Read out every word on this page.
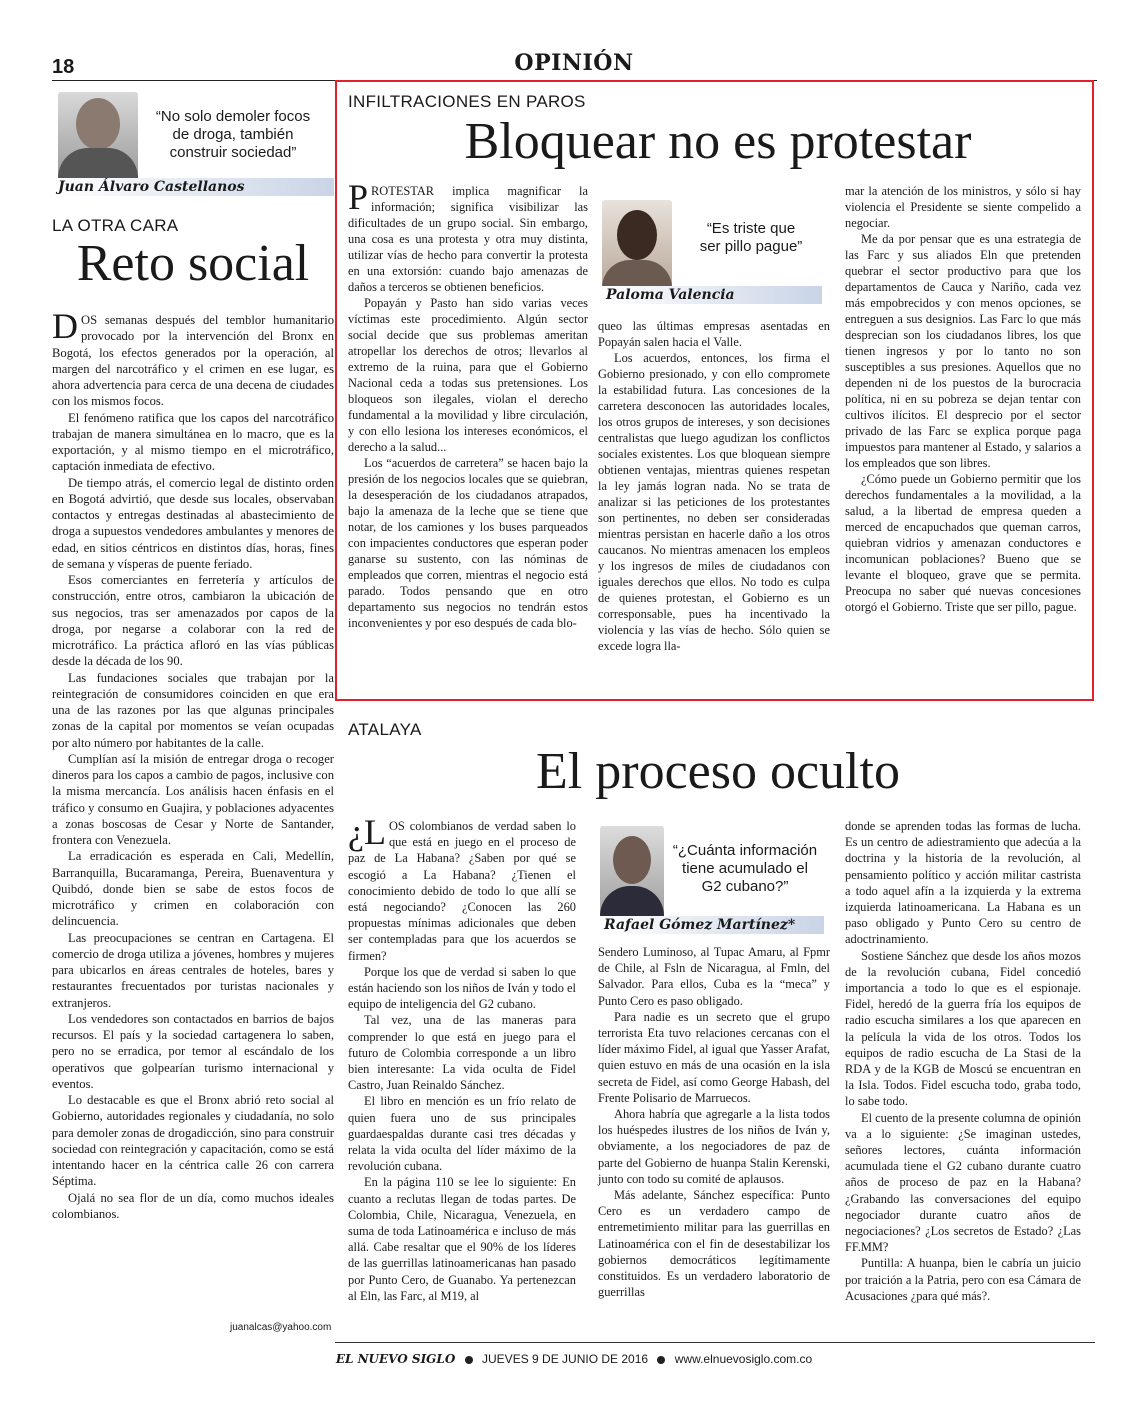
18	OPINIÓN
“No solo demoler focos de droga, también construir sociedad”
Juan Álvaro Castellanos
LA OTRA CARA
Reto social

DOS semanas después del temblor humanitario provocado por la intervención del Bronx en Bogotá, los efectos generados por la operación, al margen del narcotráfico y el crimen en ese lugar, es ahora advertencia para cerca de una decena de ciudades con los mismos focos.

El fenómeno ratifica que los capos del narcotráfico trabajan de manera simultánea en lo macro, que es la exportación, y al mismo tiempo en el microtráfico, captación inmediata de efectivo.

De tiempo atrás, el comercio legal de distinto orden en Bogotá advirtió, que desde sus locales, observaban contactos y entregas destinadas al abastecimiento de droga a supuestos vendedores ambulantes y menores de edad, en sitios céntricos en distintos días, horas, fines de semana y vísperas de puente feriado.

Esos comerciantes en ferretería y artículos de construcción, entre otros, cambiaron la ubicación de sus negocios, tras ser amenazados por capos de la droga, por negarse a colaborar con la red de microtráfico. La práctica afloró en las vías públicas desde la década de los 90.

Las fundaciones sociales que trabajan por la reintegración de consumidores coinciden en que era una de las razones por las que algunas principales zonas de la capital por momentos se veían ocupadas por alto número por habitantes de la calle.

Cumplían así la misión de entregar droga o recoger dineros para los capos a cambio de pagos, inclusive con la misma mercancía. Los análisis hacen énfasis en el tráfico y consumo en Guajira, y poblaciones adyacentes a zonas boscosas de Cesar y Norte de Santander, frontera con Venezuela.

La erradicación es esperada en Cali, Medellín, Barranquilla, Bucaramanga, Pereira, Buenaventura y Quibdó, donde bien se sabe de estos focos de microtráfico y crimen en colaboración con delincuencia.

Las preocupaciones se centran en Cartagena. El comercio de droga utiliza a jóvenes, hombres y mujeres para ubicarlos en áreas centrales de hoteles, bares y restaurantes frecuentados por turistas nacionales y extranjeros.

Los vendedores son contactados en barrios de bajos recursos. El país y la sociedad cartagenera lo saben, pero no se erradica, por temor al escándalo de los operativos que golpearían turismo internacional y eventos.

Lo destacable es que el Bronx abrió reto social al Gobierno, autoridades regionales y ciudadanía, no solo para demoler zonas de drogadicción, sino para construir sociedad con reintegración y capacitación, como se está intentando hacer en la céntrica calle 26 con carrera Séptima.

Ojalá no sea flor de un día, como muchos ideales colombianos.

juanalcas@yahoo.com
INFILTRACIONES EN PAROS
Bloquear no es protestar

PROTESTAR implica magnificar la información; significa visibilizar las dificultades de un grupo social. Sin embargo, una cosa es una protesta y otra muy distinta, utilizar vías de hecho para convertir la protesta en una extorsión: cuando bajo amenazas de daños a terceros se obtienen beneficios.

Popayán y Pasto han sido varias veces víctimas este procedimiento. Algún sector social decide que sus problemas ameritan atropellar los derechos de otros; llevarlos al extremo de la ruina, para que el Gobierno Nacional ceda a todas sus pretensiones. Los bloqueos son ilegales, violan el derecho fundamental a la movilidad y libre circulación, y con ello lesiona los intereses económicos, el derecho a la salud...

Los “acuerdos de carretera” se hacen bajo la presión de los negocios locales que se quiebran, la desesperación de los ciudadanos atrapados, bajo la amenaza de la leche que se tiene que notar, de los camiones y los buses parqueados con impacientes conductores que esperan poder ganarse su sustento, con las nóminas de empleados que corren, mientras el negocio está parado. Todos pensando que en otro departamento sus negocios no tendrán estos inconvenientes y por eso después de cada blo-

“Es triste que ser pillo pague”
Paloma Valencia

queo las últimas empresas asentadas en Popayán salen hacia el Valle.

Los acuerdos, entonces, los firma el Gobierno presionado, y con ello compromete la estabilidad futura. Las concesiones de la carretera desconocen las autoridades locales, los otros grupos de intereses, y son decisiones centralistas que luego agudizan los conflictos sociales existentes. Los que bloquean siempre obtienen ventajas, mientras quienes respetan la ley jamás logran nada. No se trata de analizar si las peticiones de los protestantes son pertinentes, no deben ser consideradas mientras persistan en hacerle daño a los otros caucanos. No mientras amenacen los empleos y los ingresos de miles de ciudadanos con iguales derechos que ellos. No todo es culpa de quienes protestan, el Gobierno es un corresponsable, pues ha incentivado la violencia y las vías de hecho. Sólo quien se excede logra lla-

mar la atención de los ministros, y sólo si hay violencia el Presidente se siente compelido a negociar.

Me da por pensar que es una estrategia de las Farc y sus aliados Eln que pretenden quebrar el sector productivo para que los departamentos de Cauca y Nariño, cada vez más empobrecidos y con menos opciones, se entreguen a sus designios. Las Farc lo que más desprecian son los ciudadanos libres, los que tienen ingresos y por lo tanto no son susceptibles a sus presiones. Aquellos que no dependen ni de los puestos de la burocracia política, ni en su pobreza se dejan tentar con cultivos ilícitos. El desprecio por el sector privado de las Farc se explica porque paga impuestos para mantener al Estado, y salarios a los empleados que son libres.

¿Cómo puede un Gobierno permitir que los derechos fundamentales a la movilidad, a la salud, a la libertad de empresa queden a merced de encapuchados que queman carros, quiebran vidrios y amenazan conductores e incomunican poblaciones? Bueno que se levante el bloqueo, grave que se permita. Preocupa no saber qué nuevas concesiones otorgó el Gobierno. Triste que ser pillo, pague.

ATALAYA
El proceso oculto

¿LOS colombianos de verdad saben lo que está en juego en el proceso de paz de La Habana? ¿Saben por qué se escogió a La Habana? ¿Tienen el conocimiento debido de todo lo que allí se está negociando? ¿Conocen las 260 propuestas mínimas adicionales que deben ser contempladas para que los acuerdos se firmen?

Porque los que de verdad si saben lo que están haciendo son los niños de Iván y todo el equipo de inteligencia del G2 cubano.

Tal vez, una de las maneras para comprender lo que está en juego para el futuro de Colombia corresponde a un libro bien interesante: La vida oculta de Fidel Castro, Juan Reinaldo Sánchez.

El libro en mención es un frío relato de quien fuera uno de sus principales guardaespaldas durante casi tres décadas y relata la vida oculta del líder máximo de la revolución cubana.

En la página 110 se lee lo siguiente: En cuanto a reclutas llegan de todas partes. De Colombia, Chile, Nicaragua, Venezuela, en suma de toda Latinoamérica e incluso de más allá. Cabe resaltar que el 90% de los líderes de las guerrillas latinoamericanas han pasado por Punto Cero, de Guanabo. Ya pertenezcan al Eln, las Farc, al M19, al

“¿Cuánta información tiene acumulado el G2 cubano?”
Rafael Gómez Martínez*

Sendero Luminoso, al Tupac Amaru, al Fpmr de Chile, al Fsln de Nicaragua, al Fmln, del Salvador. Para ellos, Cuba es la “meca” y Punto Cero es paso obligado.

Para nadie es un secreto que el grupo terrorista Eta tuvo relaciones cercanas con el líder máximo Fidel, al igual que Yasser Arafat, quien estuvo en más de una ocasión en la isla secreta de Fidel, así como George Habash, del Frente Polisario de Marruecos.

Ahora habría que agregarle a la lista todos los huéspedes ilustres de los niños de Iván y, obviamente, a los negociadores de paz de parte del Gobierno de huanpa Stalin Kerenski, junto con todo su comité de aplausos.

Más adelante, Sánchez específica: Punto Cero es un verdadero campo de entremetimiento militar para las guerrillas en Latinoamérica con el fin de desestabilizar los gobiernos democráticos legítimamente constituidos. Es un verdadero laboratorio de guerrillas

donde se aprenden todas las formas de lucha. Es un centro de adiestramiento que adecúa a la doctrina y la historia de la revolución, al pensamiento político y acción militar castrista a todo aquel afín a la izquierda y la extrema izquierda latinoamericana. La Habana es un paso obligado y Punto Cero su centro de adoctrinamiento.

Sostiene Sánchez que desde los años mozos de la revolución cubana, Fidel concedió importancia a todo lo que es el espionaje. Fidel, heredó de la guerra fría los equipos de radio escucha similares a los que aparecen en la película la vida de los otros. Todos los equipos de radio escucha de La Stasi de la RDA y de la KGB de Moscú se encuentran en la Isla. Todos. Fidel escucha todo, graba todo, lo sabe todo.

El cuento de la presente columna de opinión va a lo siguiente: ¿Se imaginan ustedes, señores lectores, cuánta información acumulada tiene el G2 cubano durante cuatro años de proceso de paz en la Habana? ¿Grabando las conversaciones del equipo negociador durante cuatro años de negociaciones? ¿Los secretos de Estado? ¿Las FF.MM?

Puntilla: A huanpa, bien le cabría un juicio por traición a la Patria, pero con esa Cámara de Acusaciones ¿para qué más?.

EL NUEVO SIGLO JUEVES 9 DE JUNIO DE 2016 www.elnuevosiglo.com.co
